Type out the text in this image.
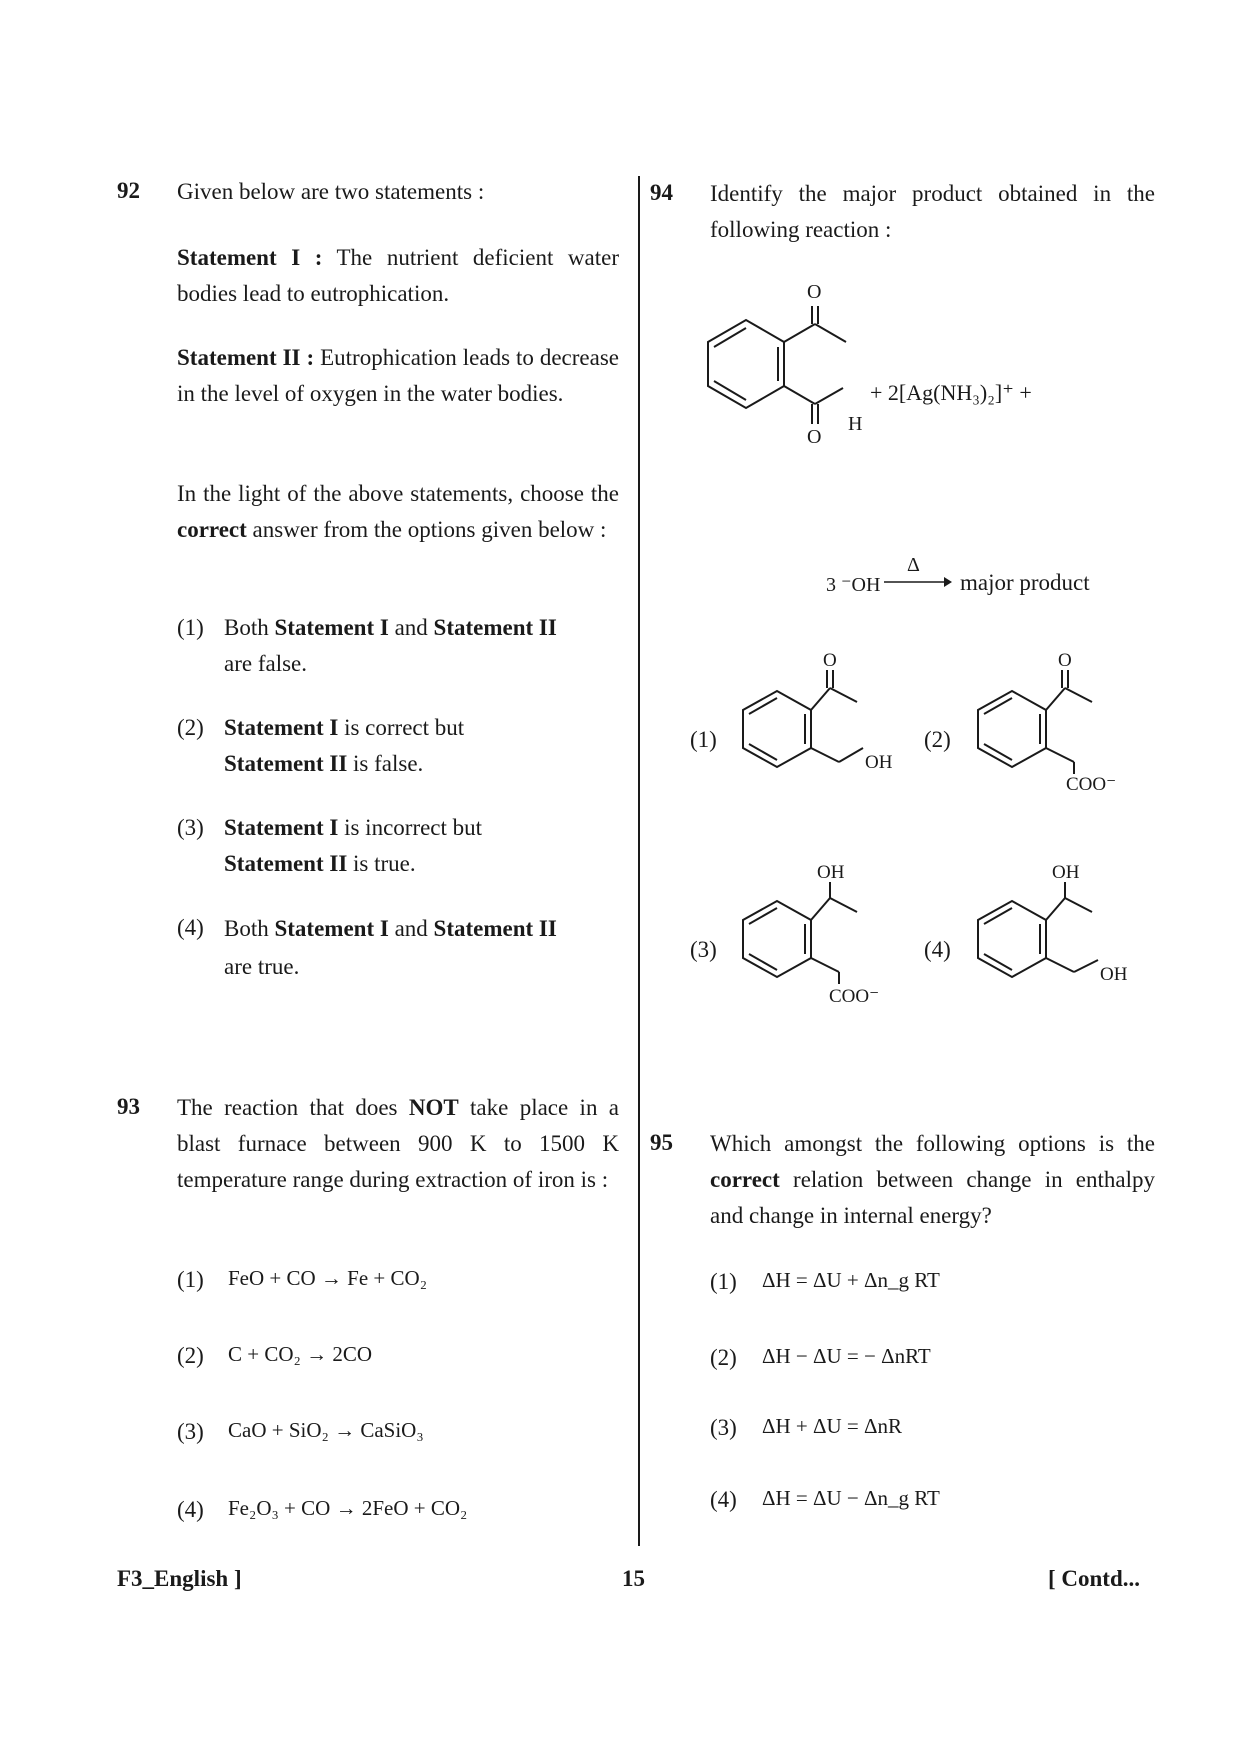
92 Given below are two statements :
Statement I : The nutrient deficient water bodies lead to eutrophication.
Statement II : Eutrophication leads to decrease in the level of oxygen in the water bodies.
In the light of the above statements, choose the correct answer from the options given below :
(1) Both Statement I and Statement II
are false.
(2) Statement I is correct but
Statement II is false.
(3) Statement I is incorrect but
Statement II is true.
(4) Both Statement I and Statement II
are true.
93 The reaction that does NOT take place in a blast furnace between 900 K to 1500 K temperature range during extraction of iron is :
(1) FeO + CO → Fe + CO₂
(2) C + CO₂ → 2CO
(3) CaO + SiO₂ → CaSiO₃
(4) Fe₂O₃ + CO → 2FeO + CO₂
94 Identify the major product obtained in the following reaction :
O
H
O
+ 2[Ag(NH₃)₂]⁺ +
3 ⁻OH
Δ
major product
(1)	(2)
(3)	(4)
O
OH
O
COO⁻
OH
COO⁻
OH
OH
95 Which amongst the following options is the correct relation between change in enthalpy and change in internal energy?
(1) ΔH = ΔU + Δn_g RT
(2) ΔH − ΔU = − ΔnRT
(3) ΔH + ΔU = ΔnR
(4) ΔH = ΔU − Δn_g RT
F3_English ]	15	[ Contd...
